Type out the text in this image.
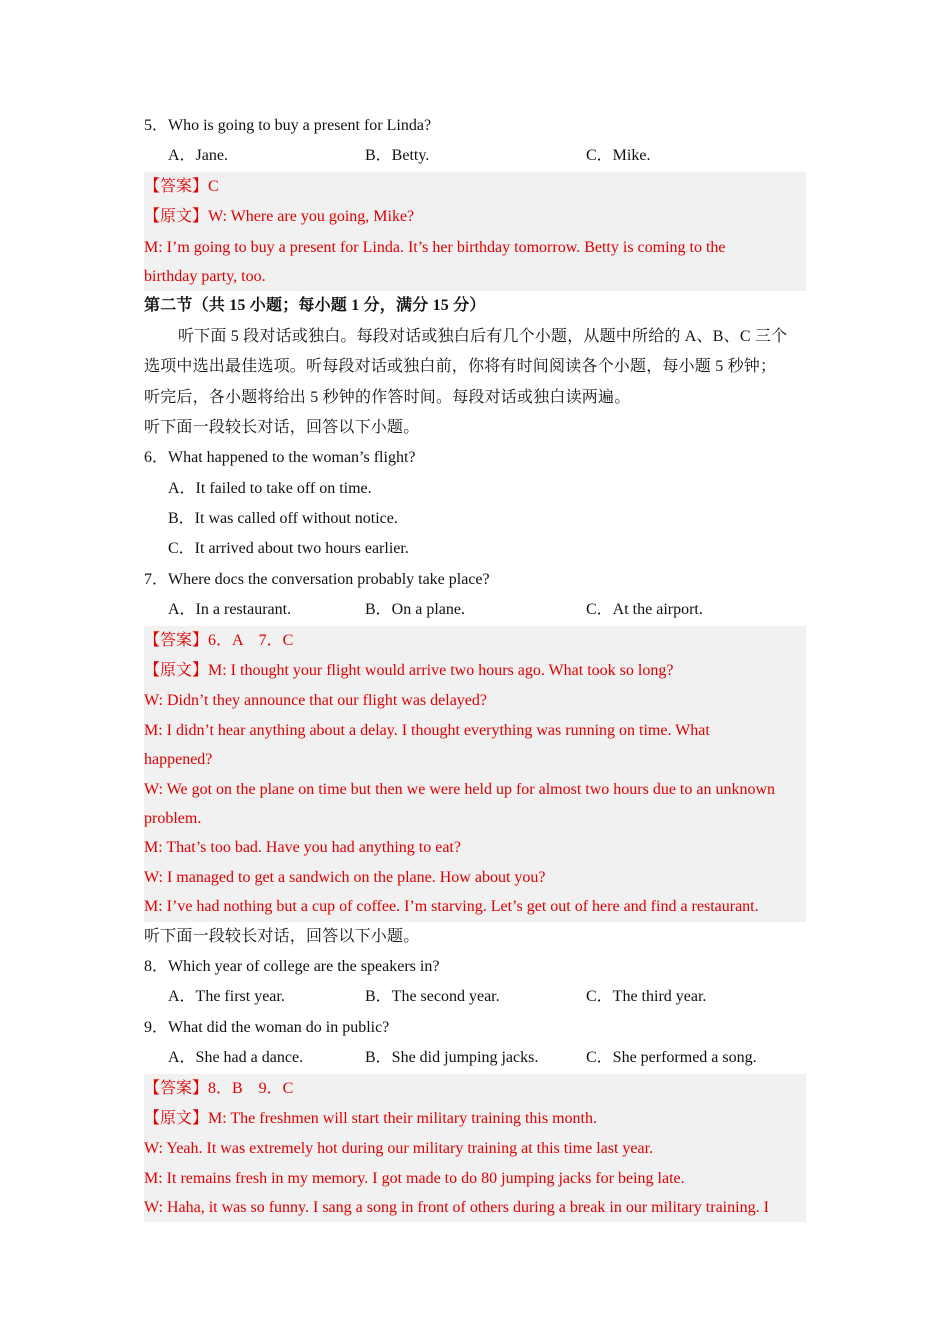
5．Who is going to buy a present for Linda?
A．Jane.	B．Betty.	C．Mike.
【答案】C
【原文】W: Where are you going, Mike?
M: I’m going to buy a present for Linda. It’s her birthday tomorrow. Betty is coming to the
birthday party, too.
第二节（共 15 小题；每小题 1 分，满分 15 分）
听下面 5 段对话或独白。每段对话或独白后有几个小题，从题中所给的 A、B、C 三个
选项中选出最佳选项。听每段对话或独白前，你将有时间阅读各个小题，每小题 5 秒钟；
听完后，各小题将给出 5 秒钟的作答时间。每段对话或独白读两遍。
听下面一段较长对话，回答以下小题。
6．What happened to the woman’s flight?
A．It failed to take off on time.
B．It was called off without notice.
C．It arrived about two hours earlier.
7．Where docs the conversation probably take place?
A．In a restaurant.	B．On a plane.	C．At the airport.
【答案】6．A　7．C
【原文】M: I thought your flight would arrive two hours ago. What took so long?
W: Didn’t they announce that our flight was delayed?
M: I didn’t hear anything about a delay. I thought everything was running on time. What
happened?
W: We got on the plane on time but then we were held up for almost two hours due to an unknown
problem.
M: That’s too bad. Have you had anything to eat?
W: I managed to get a sandwich on the plane. How about you?
M: I’ve had nothing but a cup of coffee. I’m starving. Let’s get out of here and find a restaurant.
听下面一段较长对话，回答以下小题。
8．Which year of college are the speakers in?
A．The first year.	B．The second year.	C．The third year.
9．What did the woman do in public?
A．She had a dance.	B．She did jumping jacks.	C．She performed a song.
【答案】8．B　9．C
【原文】M: The freshmen will start their military training this month.
W: Yeah. It was extremely hot during our military training at this time last year.
M: It remains fresh in my memory. I got made to do 80 jumping jacks for being late.
W: Haha, it was so funny. I sang a song in front of others during a break in our military training. I
